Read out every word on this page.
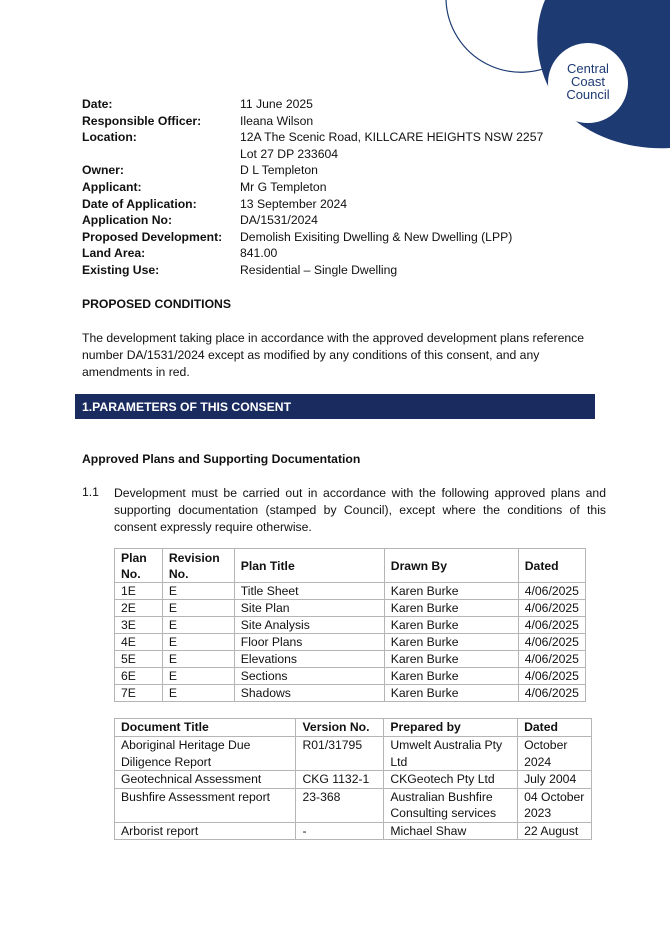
Central
Coast
Council
Date:	11 June 2025
Responsible Officer:	Ileana Wilson
Location:	12A The Scenic Road, KILLCARE HEIGHTS NSW 2257
Lot 27 DP 233604
Owner:	D L Templeton
Applicant:	Mr G Templeton
Date of Application:	13 September 2024
Application No:	DA/1531/2024
Proposed Development:	Demolish Exisiting Dwelling & New Dwelling (LPP)
Land Area:	841.00
Existing Use:	Residential – Single Dwelling
PROPOSED CONDITIONS
The development taking place in accordance with the approved development plans reference number DA/1531/2024 except as modified by any conditions of this consent, and any amendments in red.
1.PARAMETERS OF THIS CONSENT
Approved Plans and Supporting Documentation
1.1 Development must be carried out in accordance with the following approved plans and supporting documentation (stamped by Council), except where the conditions of this consent expressly require otherwise.
Plan No.	Revision No.	Plan Title	Drawn By	Dated
1E	E	Title Sheet	Karen Burke	4/06/2025
2E	E	Site Plan	Karen Burke	4/06/2025
3E	E	Site Analysis	Karen Burke	4/06/2025
4E	E	Floor Plans	Karen Burke	4/06/2025
5E	E	Elevations	Karen Burke	4/06/2025
6E	E	Sections	Karen Burke	4/06/2025
7E	E	Shadows	Karen Burke	4/06/2025
Document Title	Version No.	Prepared by	Dated
Aboriginal Heritage Due Diligence Report	R01/31795	Umwelt Australia Pty Ltd	October 2024
Geotechnical Assessment	CKG 1132-1	CKGeotech Pty Ltd	July 2004
Bushfire Assessment report	23-368	Australian Bushfire Consulting services	04 October 2023
Arborist report	-	Michael Shaw	22 August
